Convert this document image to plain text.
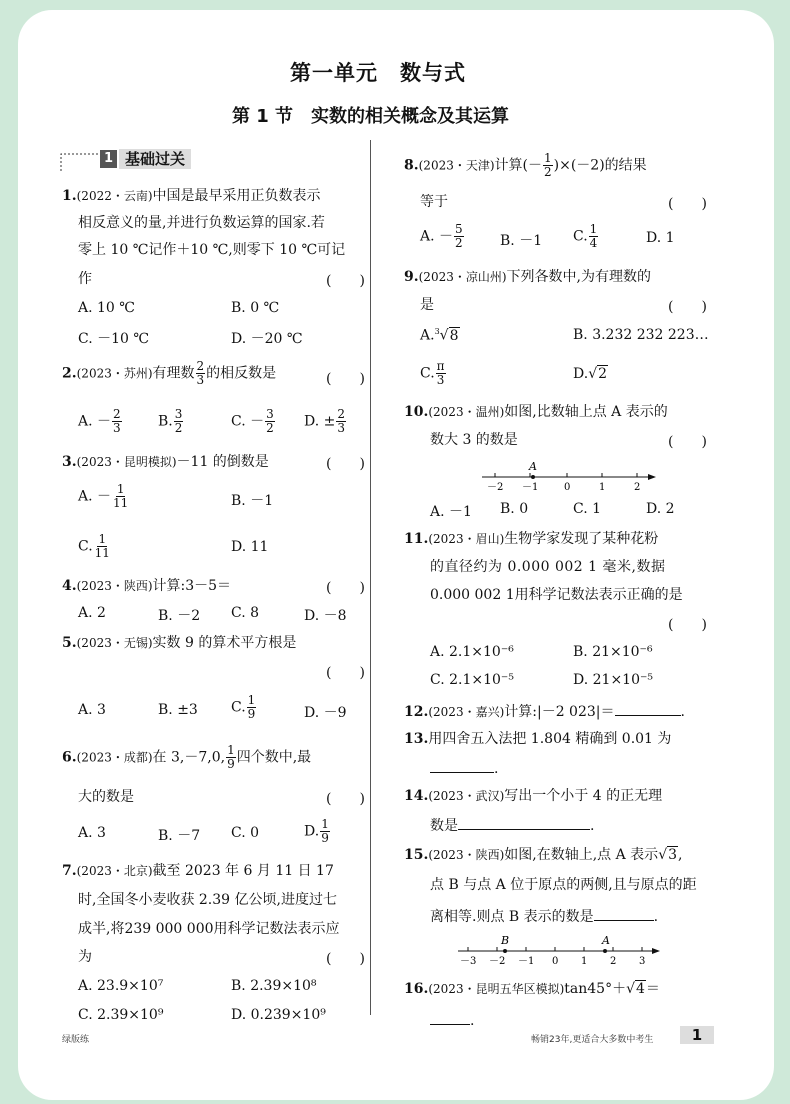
第一单元　数与式
第 1 节　实数的相关概念及其运算
1 基础过关
1.(2022・云南)中国是最早采用正负数表示
相反意义的量,并进行负数运算的国家.若
零上 10 ℃记作＋10 ℃,则零下 10 ℃可记
作	(　　)
A. 10 ℃	B. 0 ℃
C. －10 ℃	D. －20 ℃
2.(2023・苏州)有理数 $\frac{2}{3}$ 的相反数是	(　　)
A. － $\frac{2}{3}$	B. $\frac{3}{2}$	C. － $\frac{3}{2} D$. ± $\frac{2}{3}$
3.(2023・昆明模拟)－11 的倒数是	(　　)
A. － $\frac{1}{11}$	B. －1
C. $\frac{1}{11}$	D. 11
4.(2023・陕西)计算:3－5＝	(　　)
A. 2	B. －2 C. 8	D. －8
5.(2023・无锡)实数 9 的算术平方根是
(　　)
A. 3	B. ±3 C. $\frac{1}{9}$	D. －9
6.(2023・成都)在 3,－7,0, $\frac{1}{9}$ 四个数中,最
大的数是	(　　)
A. 3	B. －7 C. 0	D. $\frac{1}{9}$
7.(2023・北京)截至 2023 年 6 月 11 日 17
时,全国冬小麦收获 2.39 亿公顷,进度过七
成半,将239 000 000用科学记数法表示应
为	(　　)
A. 23.9×10⁷	B. 2.39×10⁸
C. 2.39×10⁹	D. 0.239×10⁹
8.(2023・天津)计算(－ $\frac{1}{2} )\times(-2)$的结果
等于	(　　)
A. － $\frac{5}{2}$	B. －1 C. $\frac{1}{4}$	D. 1
9.(2023・凉山州)下列各数中,为有理数的
是	(　　)
A.$^3$√8	B. 3.232 232 223…
C. $\frac{\pi}{3}$	D.√2
10.(2023・温州)如图,比数轴上点 A 表示的
数大 3 的数是	(　　)
A
－2 －1	0	1	2
A. －1 B. 0	C. 1	D. 2
11.(2023・眉山)生物学家发现了某种花粉
的直径约为 0.000 002 1 毫米,数据
0.000 002 1用科学记数法表示正确的是
(　　)
A. 2.1×10⁻⁶	B. 21×10⁻⁶
C. 2.1×10⁻⁵	D. 21×10⁻⁵
12.(2023・嘉兴)计算:|－2 023|＝	.
13.用四舍五入法把 1.804 精确到 0.01 为
.
14.(2023・武汉)写出一个小于 4 的正无理
数是	.
15.(2023・陕西)如图,在数轴上,点 A 表示√3,
点 B 与点 A 位于原点的两侧,且与原点的距
离相等.则点 B 表示的数是	.
B	A
－3 －2 －1 0 1 2 3
16.(2023・昆明五华区模拟)tan45°＋√4＝
.
绿版练	畅销23年,更适合大多数中考生	1
